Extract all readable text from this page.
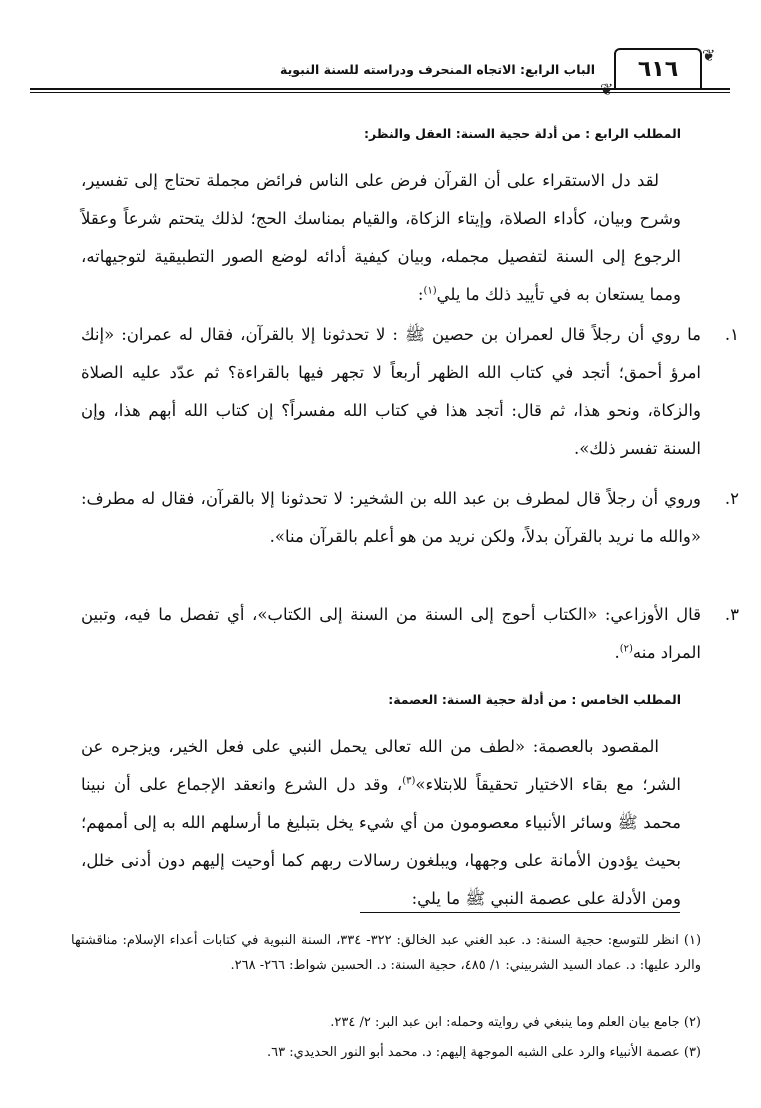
الباب الرابع: الاتجاه المنحرف ودراسته للسنة النبوية	٦١٦
❦
❦
المطلب الرابع : من أدلة حجية السنة: العقل والنظر:
لقد دل الاستقراء على أن القرآن فرض على الناس فرائض مجملة تحتاج إلى تفسير، وشرح وبيان، كأداء الصلاة، وإيتاء الزكاة، والقيام بمناسك الحج؛ لذلك يتحتم شرعاً وعقلاً الرجوع إلى السنة لتفصيل مجمله، وبيان كيفية أدائه لوضع الصور التطبيقية لتوجيهاته، ومما يستعان به في تأييد ذلك ما يلي$^{(١)}$:
١.
ما روي أن رجلاً قال لعمران بن حصين ﷺ : لا تحدثونا إلا بالقرآن، فقال له عمران: «إنك امرؤ أحمق؛ أتجد في كتاب الله الظهر أربعاً لا تجهر فيها بالقراءة؟ ثم عدّد عليه الصلاة والزكاة، ونحو هذا، ثم قال: أتجد هذا في كتاب الله مفسراً؟ إن كتاب الله أبهم هذا، وإن السنة تفسر ذلك».
٢.
وروي أن رجلاً قال لمطرف بن عبد الله بن الشخير: لا تحدثونا إلا بالقرآن، فقال له مطرف: «والله ما نريد بالقرآن بدلاً، ولكن نريد من هو أعلم بالقرآن منا».
٣.
قال الأوزاعي: «الكتاب أحوج إلى السنة من السنة إلى الكتاب»، أي تفصل ما فيه، وتبين المراد منه$^{(٢)}$.
المطلب الخامس : من أدلة حجية السنة: العصمة:
المقصود بالعصمة: «لطف من الله تعالى يحمل النبي على فعل الخير، ويزجره عن الشر؛ مع بقاء الاختيار تحقيقاً للابتلاء»$^{(٣)}$، وقد دل الشرع وانعقد الإجماع على أن نبينا محمد ﷺ وسائر الأنبياء معصومون من أي شيء يخل بتبليغ ما أرسلهم الله به إلى أممهم؛ بحيث يؤدون الأمانة على وجهها، ويبلغون رسالات ربهم كما أوحيت إليهم دون أدنى خلل، ومن الأدلة على عصمة النبي ﷺ ما يلي:
(١) انظر للتوسع: حجية السنة: د. عبد الغني عبد الخالق: ٣٢٢- ٣٣٤، السنة النبوية في كتابات أعداء الإسلام: مناقشتها والرد عليها: د. عماد السيد الشربيني: ١/ ٤٨٥، حجية السنة: د. الحسين شواط: ٢٦٦- ٢٦٨.
(٢) جامع بيان العلم وما ينبغي في روايته وحمله: ابن عبد البر: ٢/ ٢٣٤.
(٣) عصمة الأنبياء والرد على الشبه الموجهة إليهم: د. محمد أبو النور الحديدي: ٦٣.
